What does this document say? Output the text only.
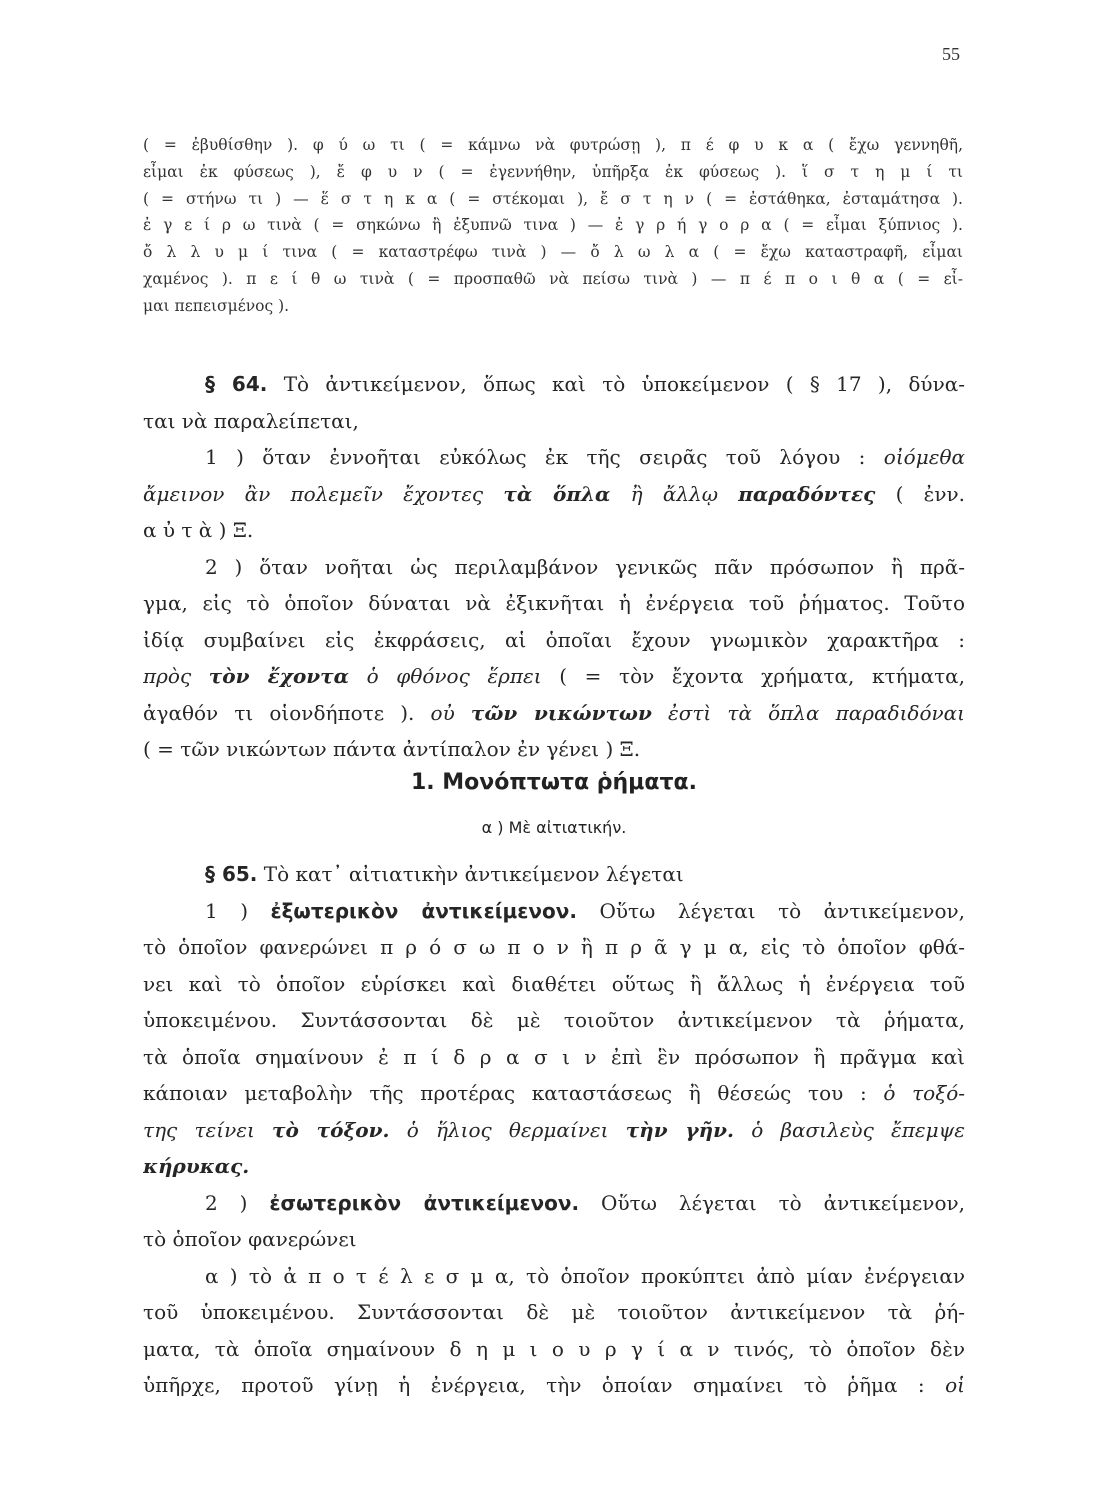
55
( = ἐβυθίσθην ). φ ύ ω τι ( = κάμνω νὰ φυτρώσῃ ), π έ φ υ κ α ( ἔχω γεννηθῆ,
εἶμαι ἐκ φύσεως ), ἔ φ υ ν ( = ἐγεννήθην, ὑπῆρξα ἐκ φύσεως ). ἵ σ τ η μ ί τι
( = στήνω τι ) — ἕ σ τ η κ α ( = στέκομαι ), ἔ σ τ η ν ( = ἐστάθηκα, ἐσταμάτησα ).
ἐ γ ε ί ρ ω τινὰ ( = σηκώνω ἢ ἐξυπνῶ τινα ) — ἐ γ ρ ή γ ο ρ α ( = εἶμαι ξύπνιος ).
ὄ λ λ υ μ ί τινα ( = καταστρέφω τινὰ ) — ὄ λ ω λ α ( = ἔχω καταστραφῆ, εἶμαι
χαμένος ). π ε ί θ ω τινὰ ( = προσπαθῶ νὰ πείσω τινὰ ) — π έ π ο ι θ α ( = εἶ-
μαι πεπεισμένος ).
§ 64. Τὸ ἀντικείμενον, ὅπως καὶ τὸ ὑποκείμενον ( § 17 ), δύνα-
ται νὰ παραλείπεται,
1 ) ὅταν ἐννοῆται εὐκόλως ἐκ τῆς σειρᾶς τοῦ λόγου : οἰόμεθα
ἄμεινον ἂν πολεμεῖν ἔχοντες τὰ ὅπλα ἢ ἄλλῳ παραδόντες ( ἐνν.
α ὐ τ ὰ ) Ξ.
2 ) ὅταν νοῆται ὡς περιλαμβάνον γενικῶς πᾶν πρόσωπον ἢ πρᾶ-
γμα, εἰς τὸ ὁποῖον δύναται νὰ ἐξικνῆται ἡ ἐνέργεια τοῦ ῥήματος. Τοῦτο
ἰδίᾳ συμβαίνει εἰς ἐκφράσεις, αἱ ὁποῖαι ἔχουν γνωμικὸν χαρακτῆρα :
πρὸς τὸν ἔχοντα ὁ φθόνος ἕρπει ( = τὸν ἔχοντα χρήματα, κτήματα,
ἀγαθόν τι οἱονδήποτε ). οὐ τῶν νικώντων ἐστὶ τὰ ὅπλα παραδιδόναι
( = τῶν νικώντων πάντα ἀντίπαλον ἐν γένει ) Ξ.
1. Μονόπτωτα ῥήματα.
α ) Μὲ αἰτιατικήν.
§ 65. Τὸ κατ᾽ αἰτιατικὴν ἀντικείμενον λέγεται
1 ) ἐξωτερικὸν ἀντικείμενον. Οὕτω λέγεται τὸ ἀντικείμενον,
τὸ ὁποῖον φανερώνει π ρ ό σ ω π ο ν ἢ π ρ ᾶ γ μ α, εἰς τὸ ὁποῖον φθά-
νει καὶ τὸ ὁποῖον εὑρίσκει καὶ διαθέτει οὕτως ἢ ἄλλως ἡ ἐνέργεια τοῦ
ὑποκειμένου. Συντάσσονται δὲ μὲ τοιοῦτον ἀντικείμενον τὰ ῥήματα,
τὰ ὁποῖα σημαίνουν ἐ π ί δ ρ α σ ι ν ἐπὶ ἓν πρόσωπον ἢ πρᾶγμα καὶ
κάποιαν μεταβολὴν τῆς προτέρας καταστάσεως ἢ θέσεώς του : ὁ τοξό-
της τείνει τὸ τόξον. ὁ ἥλιος θερμαίνει τὴν γῆν. ὁ βασιλεὺς ἔπεμψε
κήρυκας.
2 ) ἐσωτερικὸν ἀντικείμενον. Οὕτω λέγεται τὸ ἀντικείμενον,
τὸ ὁποῖον φανερώνει
α ) τὸ ἀ π ο τ έ λ ε σ μ α, τὸ ὁποῖον προκύπτει ἀπὸ μίαν ἐνέργειαν
τοῦ ὑποκειμένου. Συντάσσονται δὲ μὲ τοιοῦτον ἀντικείμενον τὰ ῥή-
ματα, τὰ ὁποῖα σημαίνουν δ η μ ι ο υ ρ γ ί α ν τινός, τὸ ὁποῖον δὲν
ὑπῆρχε, προτοῦ γίνῃ ἡ ἐνέργεια, τὴν ὁποίαν σημαίνει τὸ ῥῆμα : οἱ
